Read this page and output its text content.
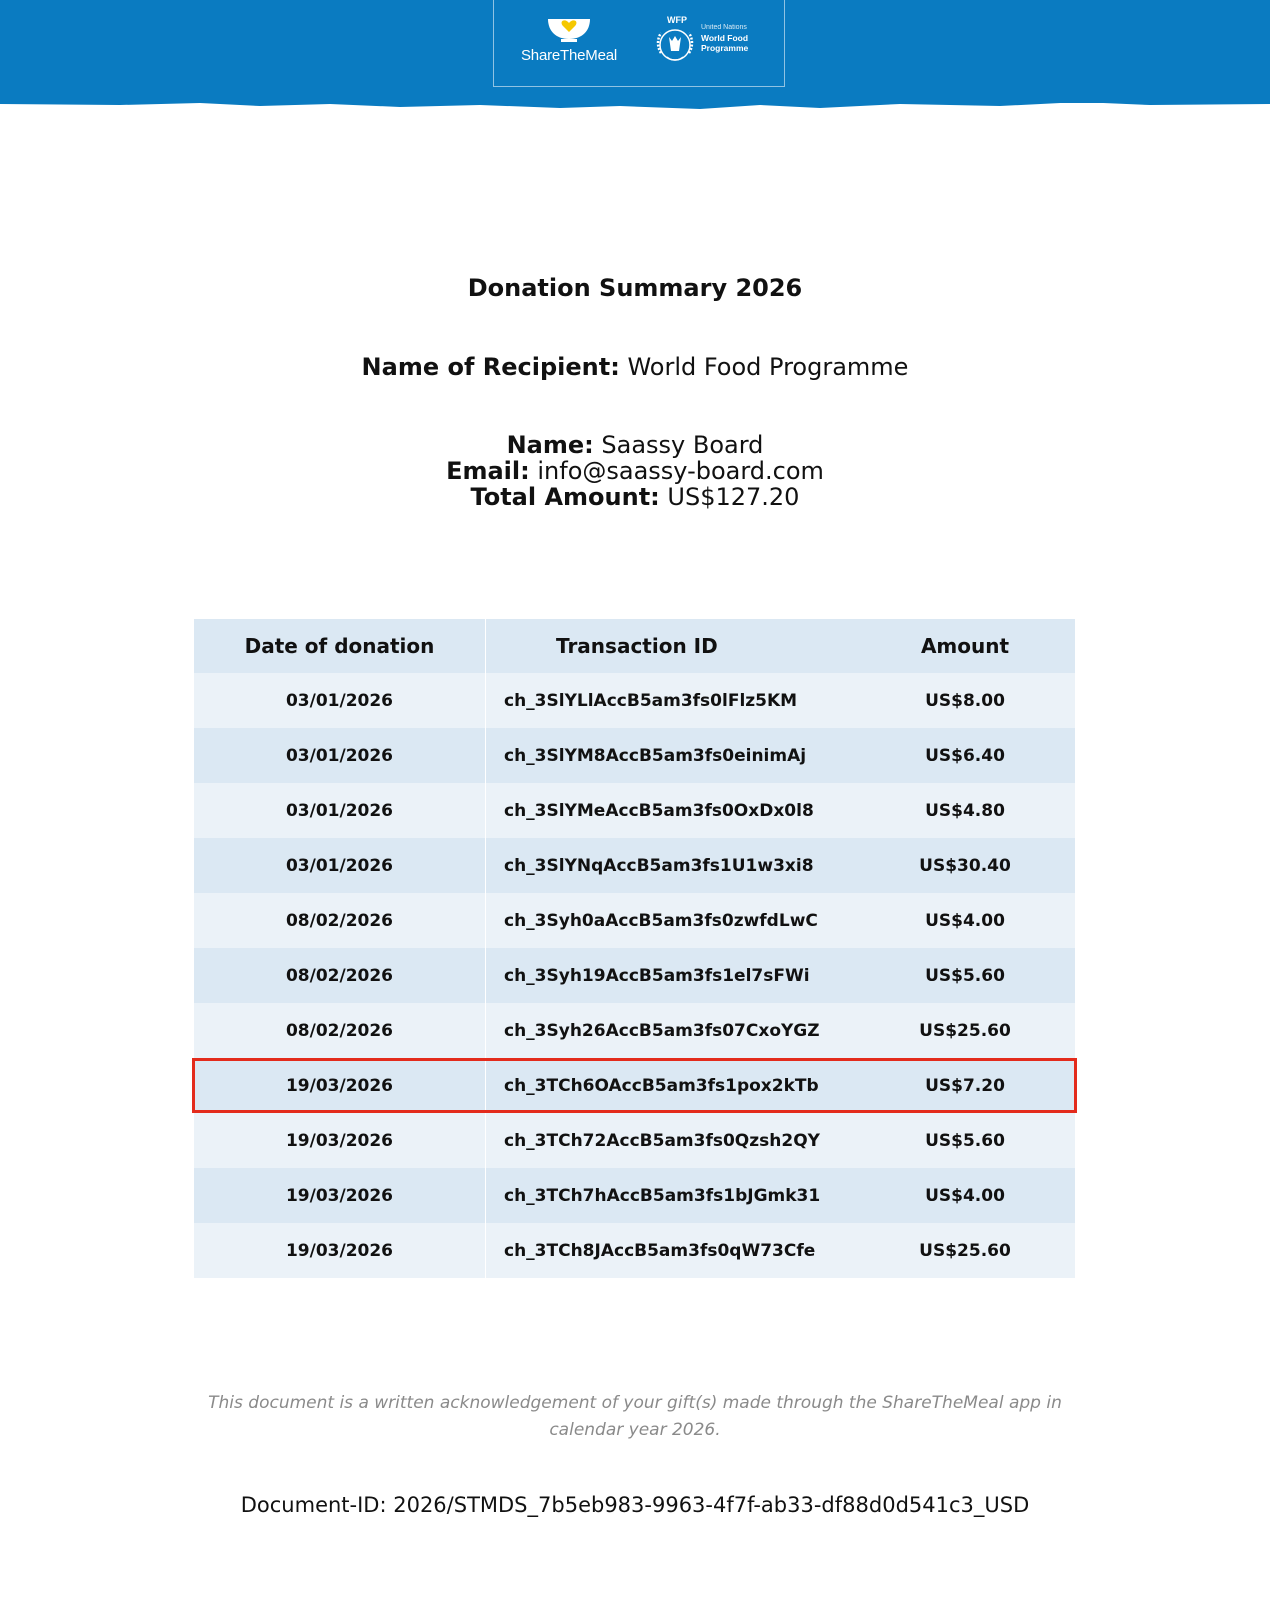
ShareTheMeal
WFP
United Nations
World Food Programme
Donation Summary 2026
Name of Recipient: World Food Programme
Name: Saassy Board
Email: info@saassy-board.com
Total Amount: US$127.20
Date of donation	Transaction ID	Amount
03/01/2026	ch_3SlYLlAccB5am3fs0lFlz5KM	US$8.00
03/01/2026	ch_3SlYM8AccB5am3fs0einimAj	US$6.40
03/01/2026	ch_3SlYMeAccB5am3fs0OxDx0l8	US$4.80
03/01/2026	ch_3SlYNqAccB5am3fs1U1w3xi8	US$30.40
08/02/2026	ch_3Syh0aAccB5am3fs0zwfdLwC	US$4.00
08/02/2026	ch_3Syh19AccB5am3fs1el7sFWi	US$5.60
08/02/2026	ch_3Syh26AccB5am3fs07CxoYGZ	US$25.60
19/03/2026	ch_3TCh6OAccB5am3fs1pox2kTb	US$7.20
19/03/2026	ch_3TCh72AccB5am3fs0Qzsh2QY	US$5.60
19/03/2026	ch_3TCh7hAccB5am3fs1bJGmk31	US$4.00
19/03/2026	ch_3TCh8JAccB5am3fs0qW73Cfe	US$25.60
This document is a written acknowledgement of your gift(s) made through the ShareTheMeal app in calendar year 2026.
Document-ID: 2026/STMDS_7b5eb983-9963-4f7f-ab33-df88d0d541c3_USD
